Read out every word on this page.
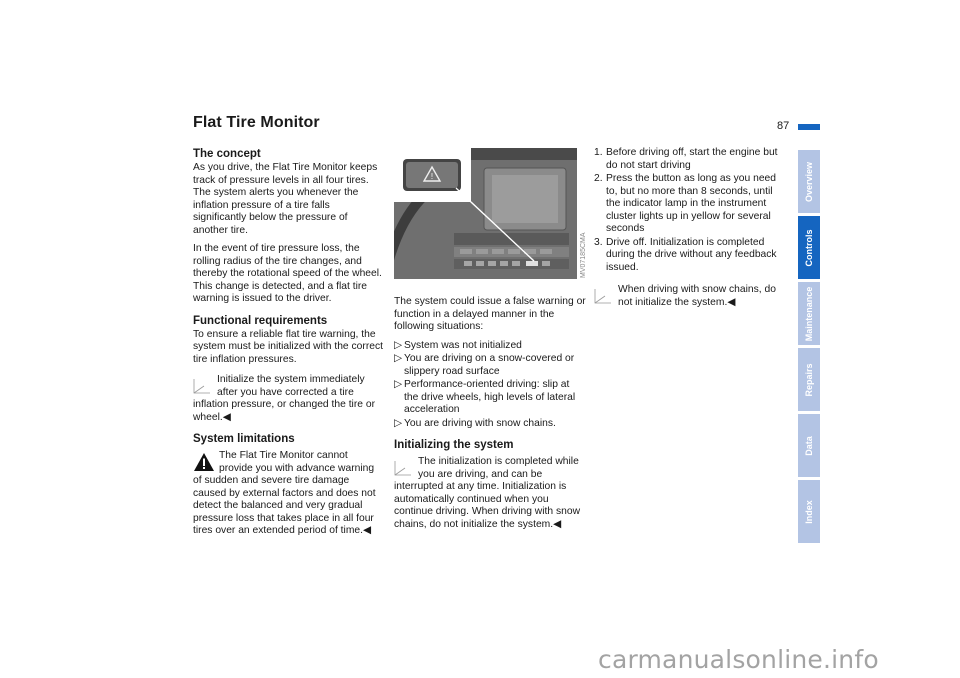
Flat Tire Monitor	87
The concept

As you drive, the Flat Tire Monitor keeps track of pressure levels in all four tires. The system alerts you whenever the inflation pressure of a tire falls significantly below the pressure of another tire.

In the event of tire pressure loss, the rolling radius of the tire changes, and thereby the rotational speed of the wheel. This change is detected, and a flat tire warning is issued to the driver.

Functional requirements

To ensure a reliable flat tire warning, the system must be initialized with the correct tire inflation pressures.

Initialize the system immediately after you have corrected a tire inflation pressure, or changed the tire or wheel.◀
System limitations
The Flat Tire Monitor cannot provide you with advance warning of sudden and severe tire damage caused by external factors and does not detect the balanced and very gradual pressure loss that takes place in all four tires over an extended period of time.◀
!
MV07185CMA

The system could issue a false warning or function in a delayed manner in the following situations:

▷ System was not initialized
▷ You are driving on a snow-covered or slippery road surface
▷ Performance-oriented driving: slip at the drive wheels, high levels of lateral acceleration
▷ You are driving with snow chains.
Initializing the system
The initialization is completed while you are driving, and can be interrupted at any time. Initialization is automatically continued when you continue driving. When driving with snow chains, do not initialize the system.◀
1. Before driving off, start the engine but do not start driving
2. Press the button as long as you need to, but no more than 8 seconds, until the indicator lamp in the instrument cluster lights up in yellow for several seconds
3. Drive off. Initialization is completed during the drive without any feedback issued.
When driving with snow chains, do not initialize the system.◀
Overview
Controls
Maintenance
Repairs
Data
Index
carmanualsonline.info
